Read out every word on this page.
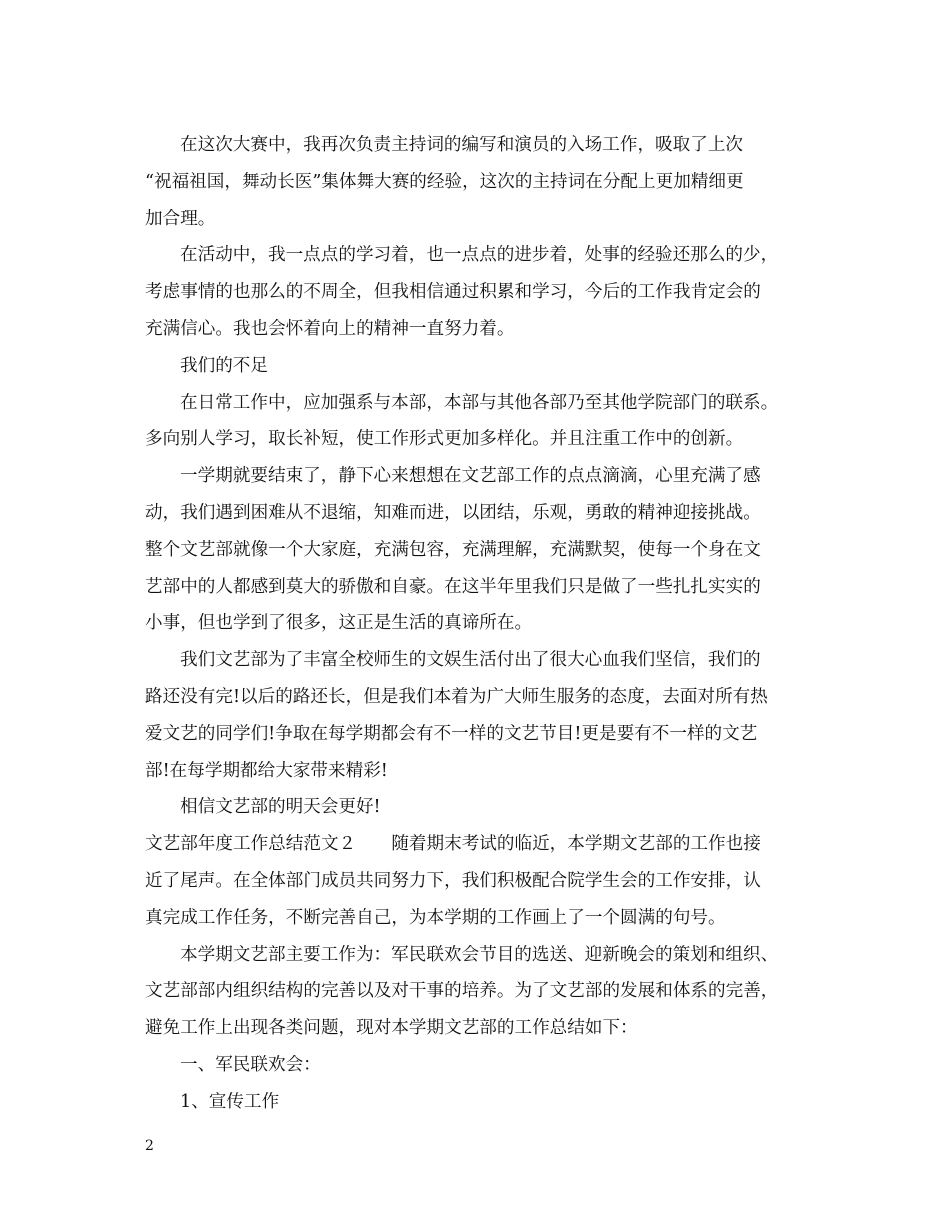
在这次大赛中，我再次负责主持词的编写和演员的入场工作，吸取了上次
“祝福祖国，舞动长医”集体舞大赛的经验，这次的主持词在分配上更加精细更
加合理。
在活动中，我一点点的学习着，也一点点的进步着，处事的经验还那么的少，
考虑事情的也那么的不周全，但我相信通过积累和学习，今后的工作我肯定会的
充满信心。我也会怀着向上的精神一直努力着。
我们的不足
在日常工作中，应加强系与本部，本部与其他各部乃至其他学院部门的联系。
多向别人学习，取长补短，使工作形式更加多样化。并且注重工作中的创新。
一学期就要结束了，静下心来想想在文艺部工作的点点滴滴，心里充满了感
动，我们遇到困难从不退缩，知难而进，以团结，乐观，勇敢的精神迎接挑战。
整个文艺部就像一个大家庭，充满包容，充满理解，充满默契，使每一个身在文
艺部中的人都感到莫大的骄傲和自豪。在这半年里我们只是做了一些扎扎实实的
小事，但也学到了很多，这正是生活的真谛所在。
我们文艺部为了丰富全校师生的文娱生活付出了很大心血我们坚信，我们的
路还没有完!以后的路还长，但是我们本着为广大师生服务的态度，去面对所有热
爱文艺的同学们!争取在每学期都会有不一样的文艺节目!更是要有不一样的文艺
部!在每学期都给大家带来精彩!
相信文艺部的明天会更好!
文艺部年度工作总结范文２　　随着期末考试的临近，本学期文艺部的工作也接
近了尾声。在全体部门成员共同努力下，我们积极配合院学生会的工作安排，认
真完成工作任务，不断完善自己，为本学期的工作画上了一个圆满的句号。
本学期文艺部主要工作为：军民联欢会节目的选送、迎新晚会的策划和组织、
文艺部部内组织结构的完善以及对干事的培养。为了文艺部的发展和体系的完善，
避免工作上出现各类问题，现对本学期文艺部的工作总结如下：
一、军民联欢会：
1、宣传工作
2
